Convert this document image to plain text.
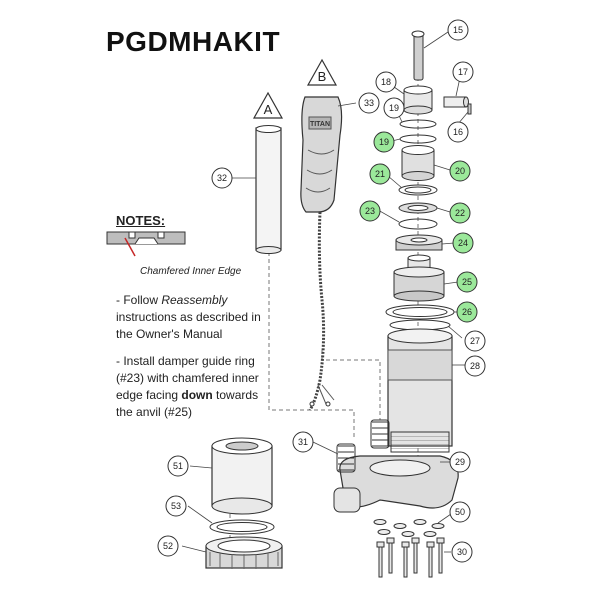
A
B
TITAN
15
17
18
19
16
33
19
20
21
32
23	22
24
25
26
27
28
31
29
51
53
50
52
30
PGDMHAKIT
NOTES:
Chamfered Inner Edge

- Follow Reassembly instructions as described in the Owner's Manual

- Install damper guide ring (#23) with chamfered inner edge facing down towards the anvil (#25)
